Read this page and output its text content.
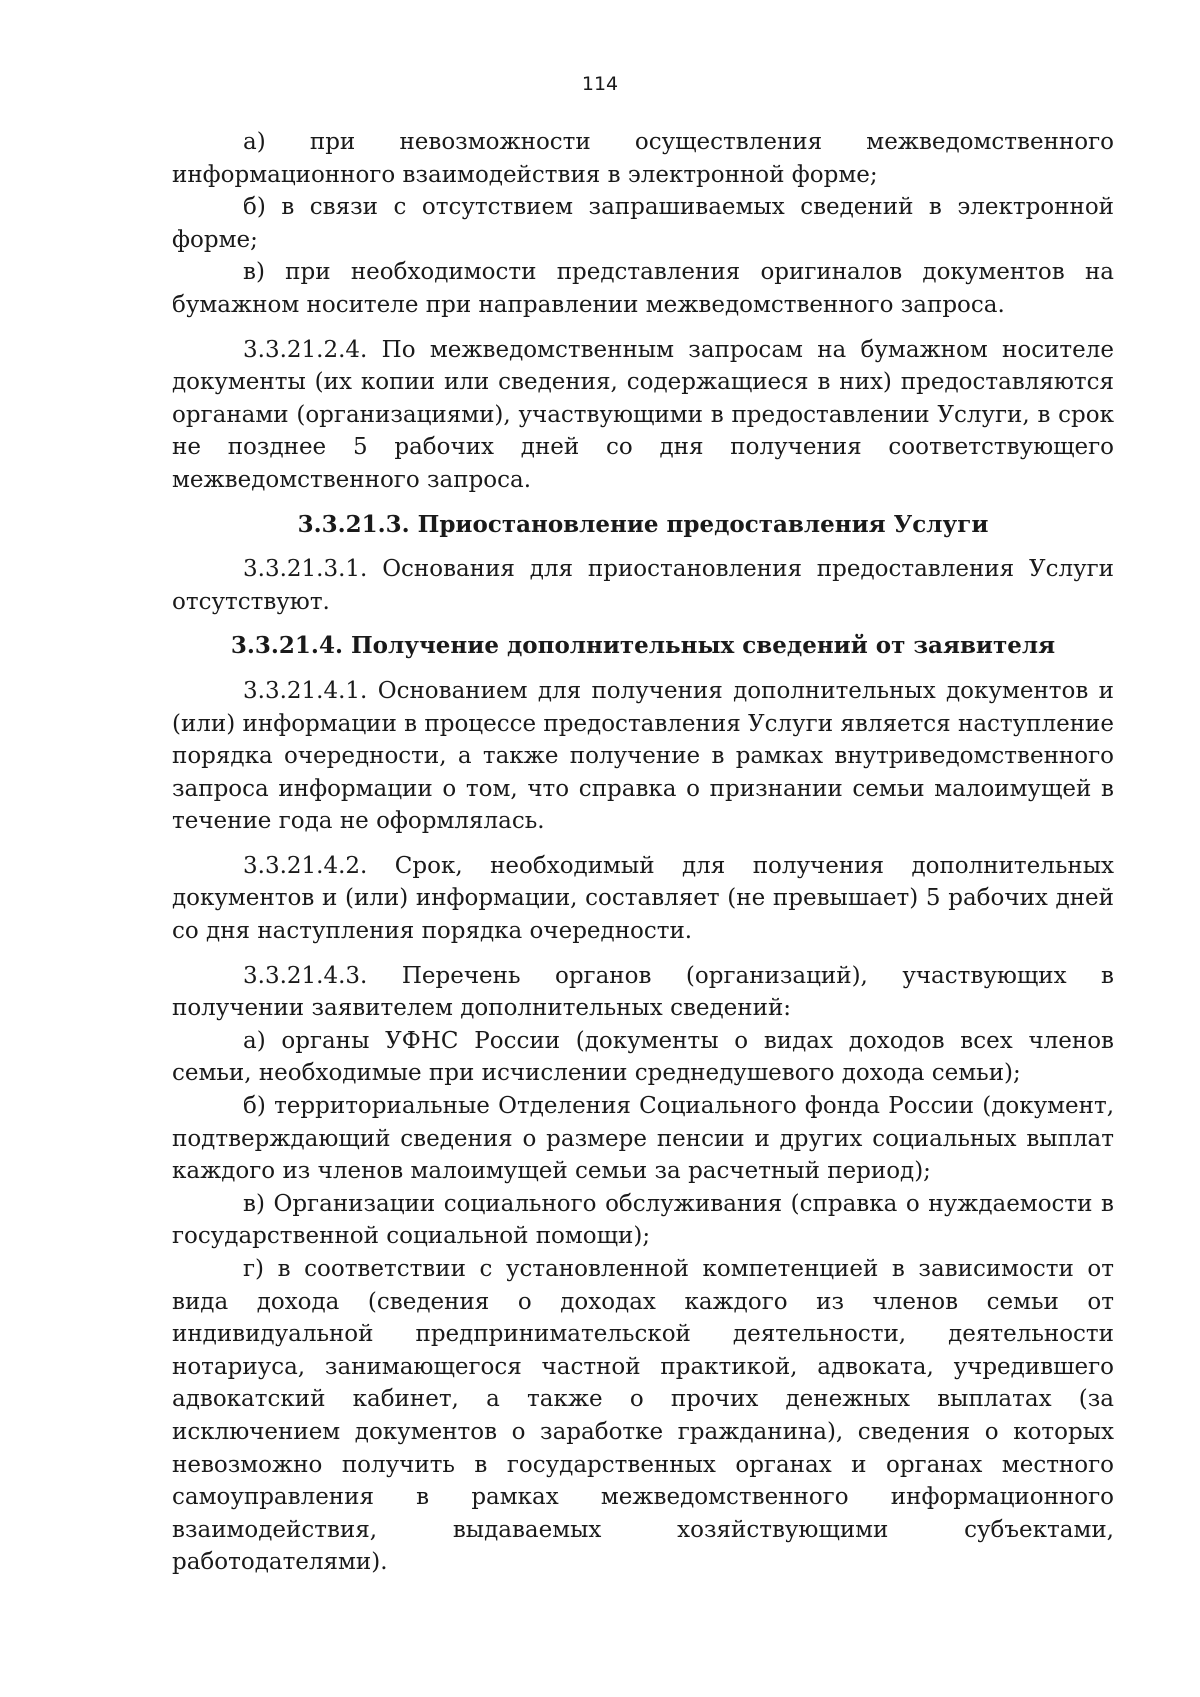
114

а) при невозможности осуществления межведомственного информационного взаимодействия в электронной форме;

б) в связи с отсутствием запрашиваемых сведений в электронной форме;

в) при необходимости представления оригиналов документов на бумажном носителе при направлении межведомственного запроса.

3.3.21.2.4. По межведомственным запросам на бумажном носителе документы (их копии или сведения, содержащиеся в них) предоставляются органами (организациями), участвующими в предоставлении Услуги, в срок не позднее 5 рабочих дней со дня получения соответствующего межведомственного запроса.

3.3.21.3. Приостановление предоставления Услуги

3.3.21.3.1. Основания для приостановления предоставления Услуги отсутствуют.

3.3.21.4. Получение дополнительных сведений от заявителя

3.3.21.4.1. Основанием для получения дополнительных документов и (или) информации в процессе предоставления Услуги является наступление порядка очередности, а также получение в рамках внутриведомственного запроса информации о том, что справка о признании семьи малоимущей в течение года не оформлялась.

3.3.21.4.2. Срок, необходимый для получения дополнительных документов и (или) информации, составляет (не превышает) 5 рабочих дней со дня наступления порядка очередности.

3.3.21.4.3. Перечень органов (организаций), участвующих в получении заявителем дополнительных сведений:

а) органы УФНС России (документы о видах доходов всех членов семьи, необходимые при исчислении среднедушевого дохода семьи);

б) территориальные Отделения Социального фонда России (документ, подтверждающий сведения о размере пенсии и других социальных выплат каждого из членов малоимущей семьи за расчетный период);

в) Организации социального обслуживания (справка о нуждаемости в государственной социальной помощи);

г) в соответствии с установленной компетенцией в зависимости от вида дохода (сведения о доходах каждого из членов семьи от индивидуальной предпринимательской деятельности, деятельности нотариуса, занимающегося частной практикой, адвоката, учредившего адвокатский кабинет, а также о прочих денежных выплатах (за исключением документов о заработке гражданина), сведения о которых невозможно получить в государственных органах и органах местного самоуправления в рамках межведомственного информационного взаимодействия, выдаваемых хозяйствующими субъектами, работодателями).
